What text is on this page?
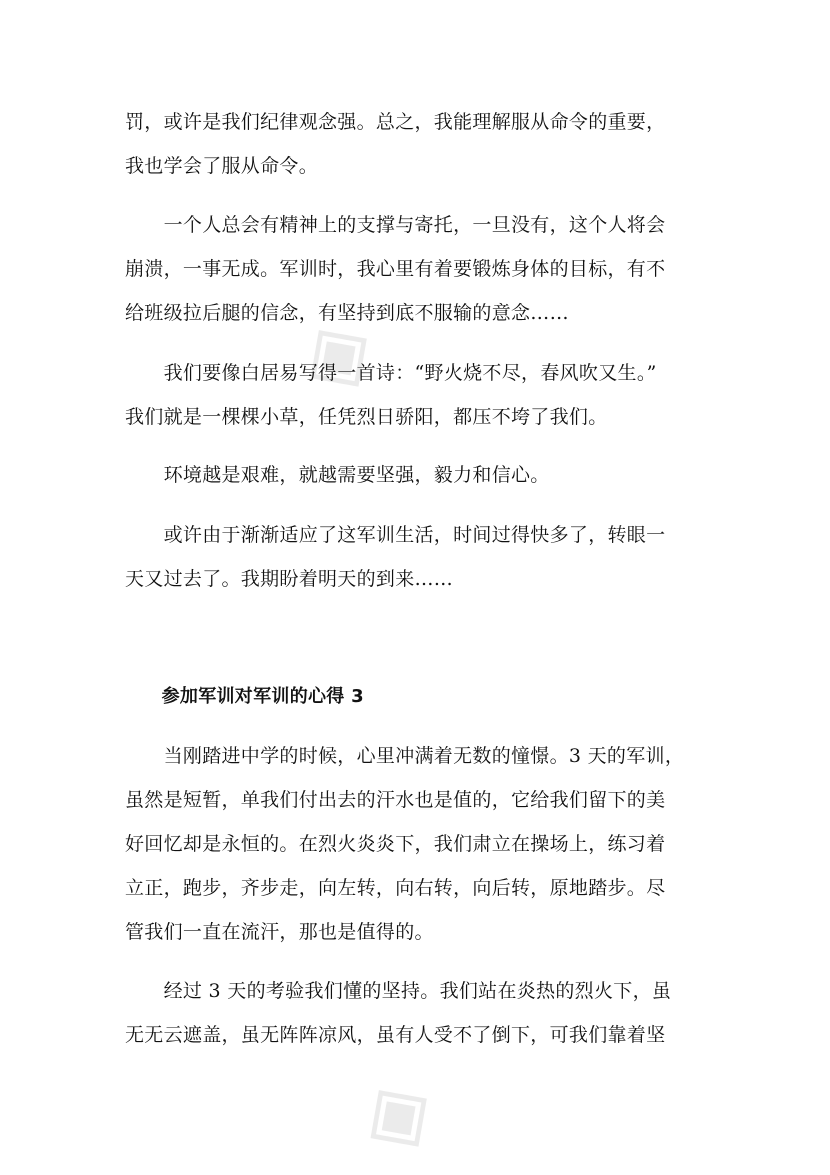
◈
◈
罚，或许是我们纪律观念强。总之，我能理解服从命令的重要，
我也学会了服从命令。
　　一个人总会有精神上的支撑与寄托，一旦没有，这个人将会
崩溃，一事无成。军训时，我心里有着要锻炼身体的目标，有不
给班级拉后腿的信念，有坚持到底不服输的意念……
　　我们要像白居易写得一首诗：“野火烧不尽，春风吹又生。”
我们就是一棵棵小草，任凭烈日骄阳，都压不垮了我们。
　　环境越是艰难，就越需要坚强，毅力和信心。
　　或许由于渐渐适应了这军训生活，时间过得快多了，转眼一
天又过去了。我期盼着明天的到来……
　　参加军训对军训的心得 3
　　当刚踏进中学的时候，心里冲满着无数的憧憬。3 天的军训，
虽然是短暂，单我们付出去的汗水也是值的，它给我们留下的美
好回忆却是永恒的。在烈火炎炎下，我们肃立在操场上，练习着
立正，跑步，齐步走，向左转，向右转，向后转，原地踏步。尽
管我们一直在流汗，那也是值得的。
　　经过 3 天的考验我们懂的坚持。我们站在炎热的烈火下，虽
无无云遮盖，虽无阵阵凉风，虽有人受不了倒下，可我们靠着坚
